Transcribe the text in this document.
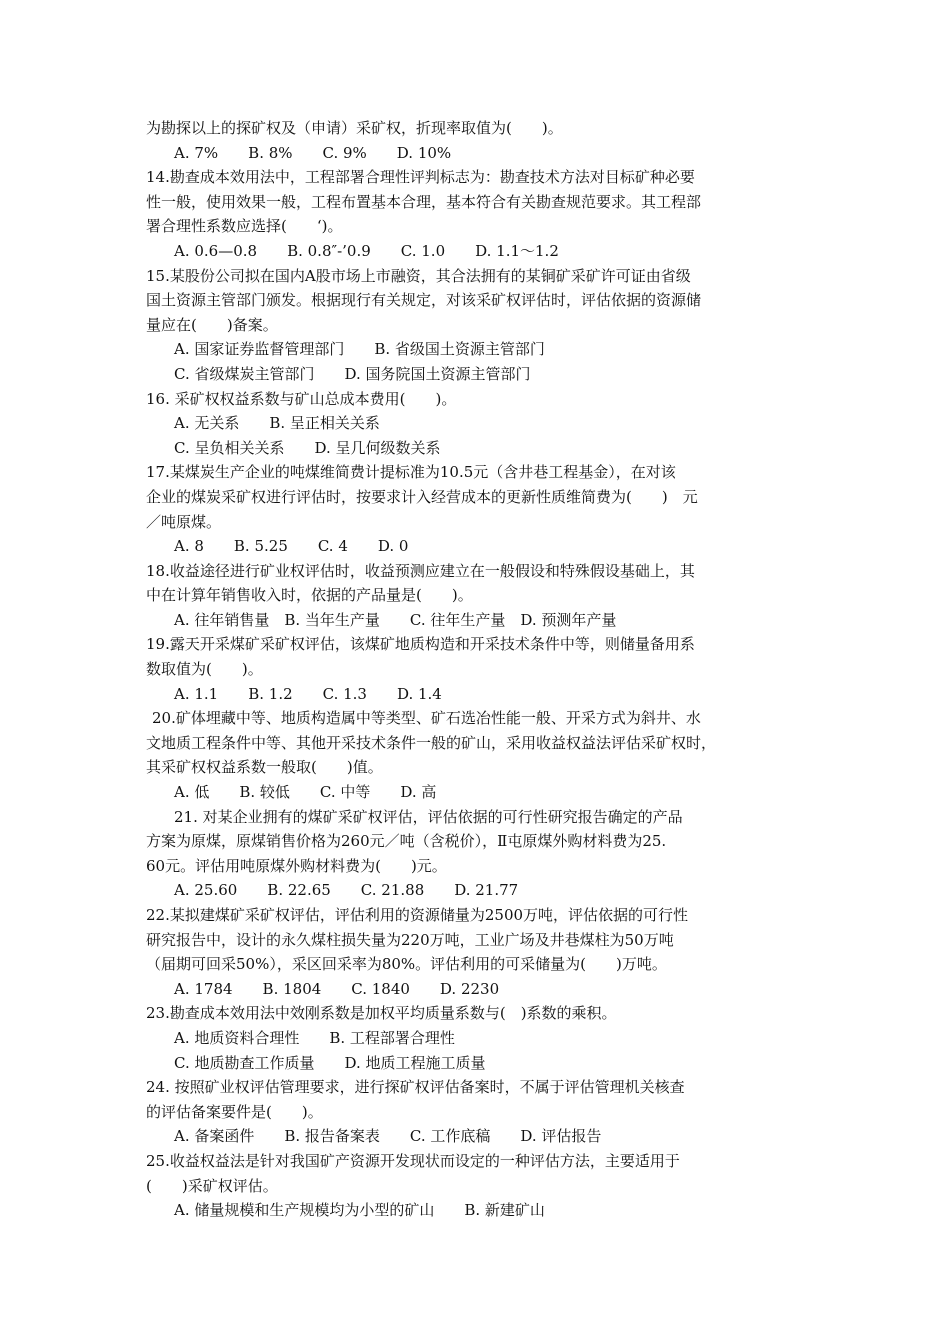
为勘探以上的探矿权及（申请）采矿权，折现率取值为(　　)。
A. 7%　　B. 8%　　C. 9%　　D. 10%
14.勘查成本效用法中，工程部署合理性评判标志为：勘查技术方法对目标矿种必要
性一般，使用效果一般，工程布置基本合理，基本符合有关勘查规范要求。其工程部
署合理性系数应选择(　　‘)。
A. 0.6—0.8　　B. 0.8″-’0.9　　C. 1.0　　D. 1.1～1.2
15.某股份公司拟在国内A股市场上市融资，其合法拥有的某铜矿采矿许可证由省级
国土资源主管部门颁发。根据现行有关规定，对该采矿权评估时，评估依据的资源储
量应在(　　)备案。
A. 国家证券监督管理部门　　B. 省级国土资源主管部门
C. 省级煤炭主管部门　　D. 国务院国土资源主管部门
16. 采矿权权益系数与矿山总成本费用(　　)。
A. 无关系　　B. 呈正相关关系
C. 呈负相关关系　　D. 呈几何级数关系
17.某煤炭生产企业的吨煤维简费计提标准为10.5元（含井巷工程基金），在对该
企业的煤炭采矿权进行评估时，按要求计入经营成本的更新性质维简费为(　　)　元
／吨原煤。
A. 8　　B. 5.25　　C. 4　　D. 0
18.收益途径进行矿业权评估时，收益预测应建立在一般假设和特殊假设基础上，其
中在计算年销售收入时，依据的产品量是(　　)。
A. 往年销售量　B. 当年生产量　　C. 往年生产量　D. 预测年产量
19.露天开采煤矿采矿权评估，该煤矿地质构造和开采技术条件中等，则储量备用系
数取值为(　　)。
A. 1.1　　B. 1.2　　C. 1.3　　D. 1.4
20.矿体埋藏中等、地质构造属中等类型、矿石选冶性能一般、开采方式为斜井、水
文地质工程条件中等、其他开采技术条件一般的矿山，采用收益权益法评估采矿权时，
其采矿权权益系数一般取(　　)值。
A. 低　　B. 较低　　C. 中等　　D. 高
21. 对某企业拥有的煤矿采矿权评估，评估依据的可行性研究报告确定的产品
方案为原煤，原煤销售价格为260元／吨（含税价），Ⅱ屯原煤外购材料费为25.
60元。评估用吨原煤外购材料费为(　　)元。
A. 25.60　　B. 22.65　　C. 21.88　　D. 21.77
22.某拟建煤矿采矿权评估，评估利用的资源储量为2500万吨，评估依据的可行性
研究报告中，设计的永久煤柱损失量为220万吨，工业广场及井巷煤柱为50万吨
（届期可回采50%），采区回采率为80%。评估利用的可采储量为(　　)万吨。
A. 1784　　B. 1804　　C. 1840　　D. 2230
23.勘查成本效用法中效刚系数是加权平均质量系数与(　)系数的乘积。
A. 地质资料合理性　　B. 工程部署合理性
C. 地质勘查工作质量　　D. 地质工程施工质量
24. 按照矿业权评估管理要求，进行探矿权评估备案时，不属于评估管理机关核查
的评估备案要件是(　　)。
A. 备案函件　　B. 报告备案表　　C. 工作底稿　　D. 评估报告
25.收益权益法是针对我国矿产资源开发现状而设定的一种评估方法，主要适用于
(　　)采矿权评估。
A. 储量规模和生产规模均为小型的矿山　　B. 新建矿山
